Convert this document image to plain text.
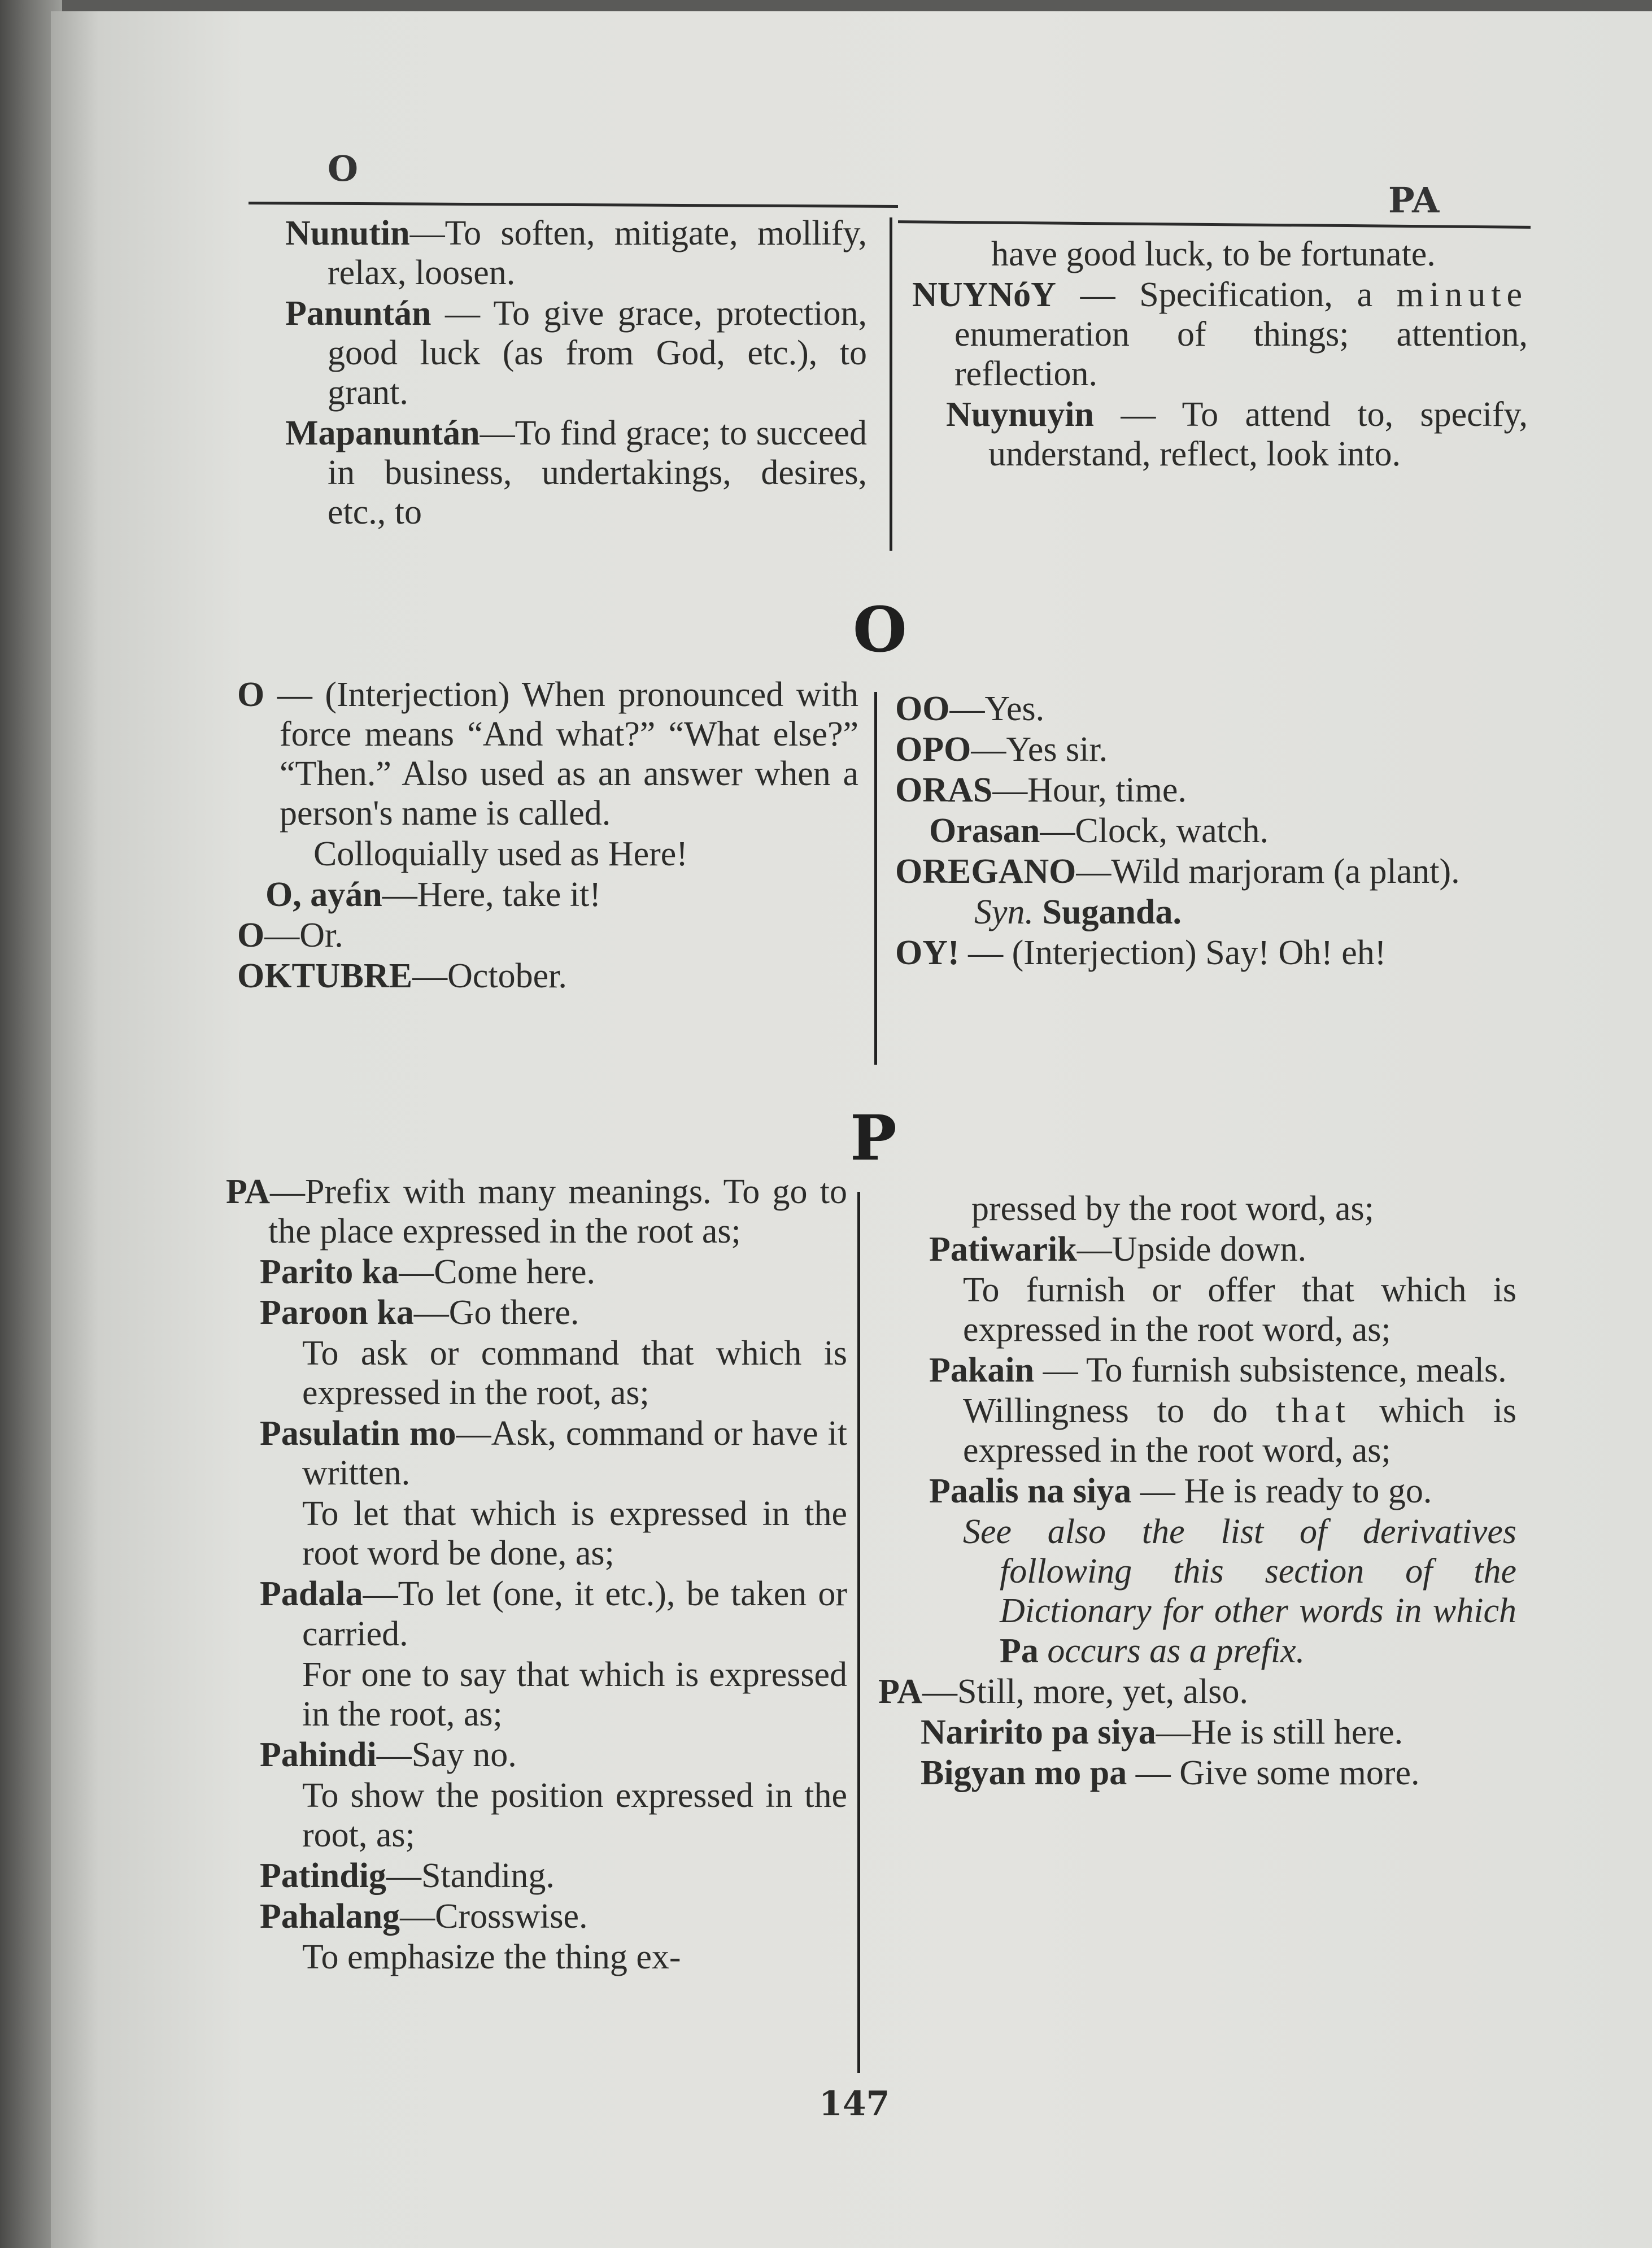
O
PA

Nunutin—To soften, mitigate, mollify, relax, loosen.

Panuntán — To give grace, protection, good luck (as from God, etc.), to grant.

Mapanuntán—To find grace; to succeed in business, undertakings, desires, etc., to

have good luck, to be fortunate.

NUYNóY — Specification, a minute enumeration of things; attention, reflection.

Nuynuyin — To attend to, specify, understand, reflect, look into.

O

O — (Interjection) When pronounced with force means “And what?” “What else?” “Then.” Also used as an answer when a person's name is called.

Colloquially used as Here!

O, ayán—Here, take it!

O—Or.

OKTUBRE—October.

OO—Yes.

OPO—Yes sir.

ORAS—Hour, time.

Orasan—Clock, watch.

OREGANO—Wild marjoram (a plant).

Syn. Suganda.

OY! — (Interjection) Say! Oh! eh!

P

PA—Prefix with many meanings. To go to the place expressed in the root as;

Parito ka—Come here.

Paroon ka—Go there.

To ask or command that which is expressed in the root, as;

Pasulatin mo—Ask, command or have it written.

To let that which is expressed in the root word be done, as;

Padala—To let (one, it etc.), be taken or carried.

For one to say that which is expressed in the root, as;

Pahindi—Say no.

To show the position expressed in the root, as;

Patindig—Standing.

Pahalang—Crosswise.

To emphasize the thing ex-

pressed by the root word, as;

Patiwarik—Upside down.

To furnish or offer that which is expressed in the root word, as;

Pakain — To furnish subsistence, meals.

Willingness to do that which is expressed in the root word, as;

Paalis na siya — He is ready to go.

See also the list of derivatives following this section of the Dictionary for other words in which Pa occurs as a prefix.

PA—Still, more, yet, also.

Naririto pa siya—He is still here.

Bigyan mo pa — Give some more.

147
